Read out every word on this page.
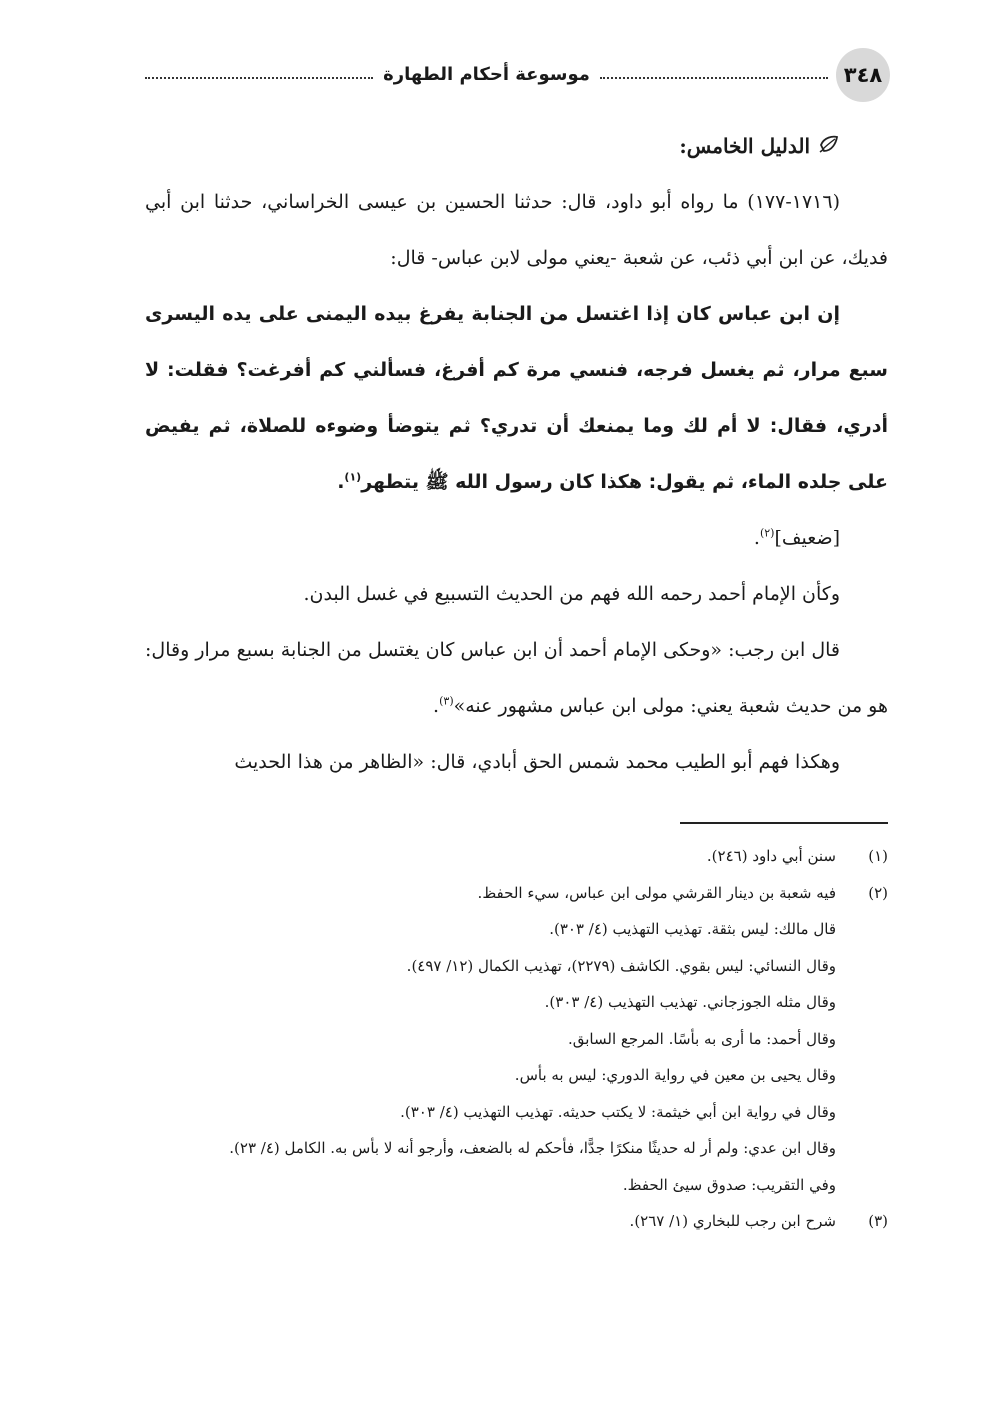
٣٤٨
موسوعة أحكام الطهارة
الدليل الخامس:

(١٧١٦-١٧٧) ما رواه أبو داود، قال: حدثنا الحسين بن عيسى الخراساني، حدثنا ابن أبي فديك، عن ابن أبي ذئب، عن شعبة -يعني مولى لابن عباس- قال:

إن ابن عباس كان إذا اغتسل من الجنابة يفرغ بيده اليمنى على يده اليسرى سبع مرار، ثم يغسل فرجه، فنسي مرة كم أفرغ، فسألني كم أفرغت؟ فقلت: لا أدري، فقال: لا أم لك وما يمنعك أن تدري؟ ثم يتوضأ وضوءه للصلاة، ثم يفيض على جلده الماء، ثم يقول: هكذا كان رسول الله ﷺ يتطهر$^{(١)}$.

[ضعيف]$^{(٢)}$.

وكأن الإمام أحمد رحمه الله فهم من الحديث التسبيع في غسل البدن.

قال ابن رجب: «وحكى الإمام أحمد أن ابن عباس كان يغتسل من الجنابة بسبع مرار وقال: هو من حديث شعبة يعني: مولى ابن عباس مشهور عنه»$^{(٣)}$.

وهكذا فهم أبو الطيب محمد شمس الحق أبادي، قال: «الظاهر من هذا الحديث

(١)

سنن أبي داود (٢٤٦).

(٢)

فيه شعبة بن دينار القرشي مولى ابن عباس، سيء الحفظ.

قال مالك: ليس بثقة. تهذيب التهذيب (٤/ ٣٠٣).

وقال النسائي: ليس بقوي. الكاشف (٢٢٧٩)، تهذيب الكمال (١٢/ ٤٩٧).

وقال مثله الجوزجاني. تهذيب التهذيب (٤/ ٣٠٣).

وقال أحمد: ما أرى به بأسًا. المرجع السابق.

وقال يحيى بن معين في رواية الدوري: ليس به بأس.

وقال في رواية ابن أبي خيثمة: لا يكتب حديثه. تهذيب التهذيب (٤/ ٣٠٣).

وقال ابن عدي: ولم أر له حديثًا منكرًا جدًّا، فأحكم له بالضعف، وأرجو أنه لا بأس به. الكامل (٤/ ٢٣).

وفي التقريب: صدوق سيئ الحفظ.

(٣)

شرح ابن رجب للبخاري (١/ ٢٦٧).
